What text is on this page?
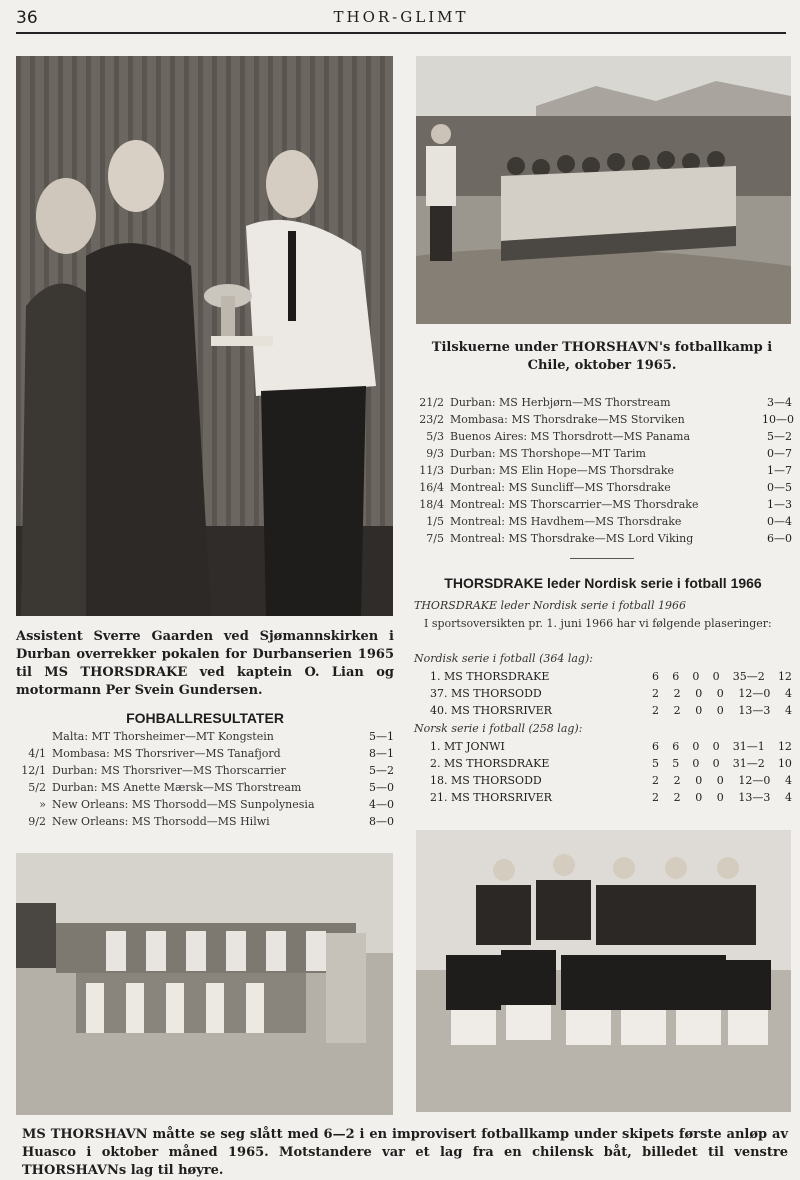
36	THOR-GLIMT
Tilskuerne under THORSHAVN's fotballkamp i Chile, oktober 1965.
21/2 Durban: MS Herbjørn—MS Thorstream	3—4
23/2 Mombasa: MS Thorsdrake—MS Storviken	10—0
5/3 Buenos Aires: MS Thorsdrott—MS Panama	5—2
9/3 Durban: MS Thorshope—MT Tarim	0—7
11/3 Durban: MS Elin Hope—MS Thorsdrake	1—7
16/4 Montreal: MS Suncliff—MS Thorsdrake	0—5
18/4 Montreal: MS Thorscarrier—MS Thorsdrake	1—3
1/5 Montreal: MS Havdhem—MS Thorsdrake	0—4
7/5 Montreal: MS Thorsdrake—MS Lord Viking	6—0
Assistent Sverre Gaarden ved Sjømannskirken i Durban overrekker pokalen for Durbanserien 1965 til MS THORSDRAKE ved kaptein O. Lian og motormann Per Svein Gundersen.
FOHBALLRESULTATER
Malta: MT Thorsheimer—MT Kongstein	5—1
4/1 Mombasa: MS Thorsriver—MS Tanafjord	8—1
12/1 Durban: MS Thorsriver—MS Thorscarrier	5—2
5/2 Durban: MS Anette Mærsk—MS Thorstream	5—0
» New Orleans: MS Thorsodd—MS Sunpolynesia	4—0
9/2 New Orleans: MS Thorsodd—MS Hilwi	8—0
THORSDRAKE leder Nordisk serie i fotball 1966
THORSDRAKE leder Nordisk serie i fotball 1966
I sportsoversikten pr. 1. juni 1966 har vi følgende plaseringer:
Nordisk serie i fotball (364 lag):
1. MS THORSDRAKE	6 6 0 0 35—2 12
37. MS THORSODD	2 2 0 0 12—0 4
40. MS THORSRIVER	2 2 0 0 13—3 4
Norsk serie i fotball (258 lag):
1. MT JONWI	6 6 0 0 31—1 12
2. MS THORSDRAKE	5 5 0 0 31—2 10
18. MS THORSODD	2 2 0 0 12—0 4
21. MS THORSRIVER	2 2 0 0 13—3 4
MS THORSHAVN måtte se seg slått med 6—2 i en improvisert fotballkamp under skipets første anløp av Huasco i oktober måned 1965. Motstandere var et lag fra en chilensk båt, billedet til venstre THORSHAVNs lag til høyre.
